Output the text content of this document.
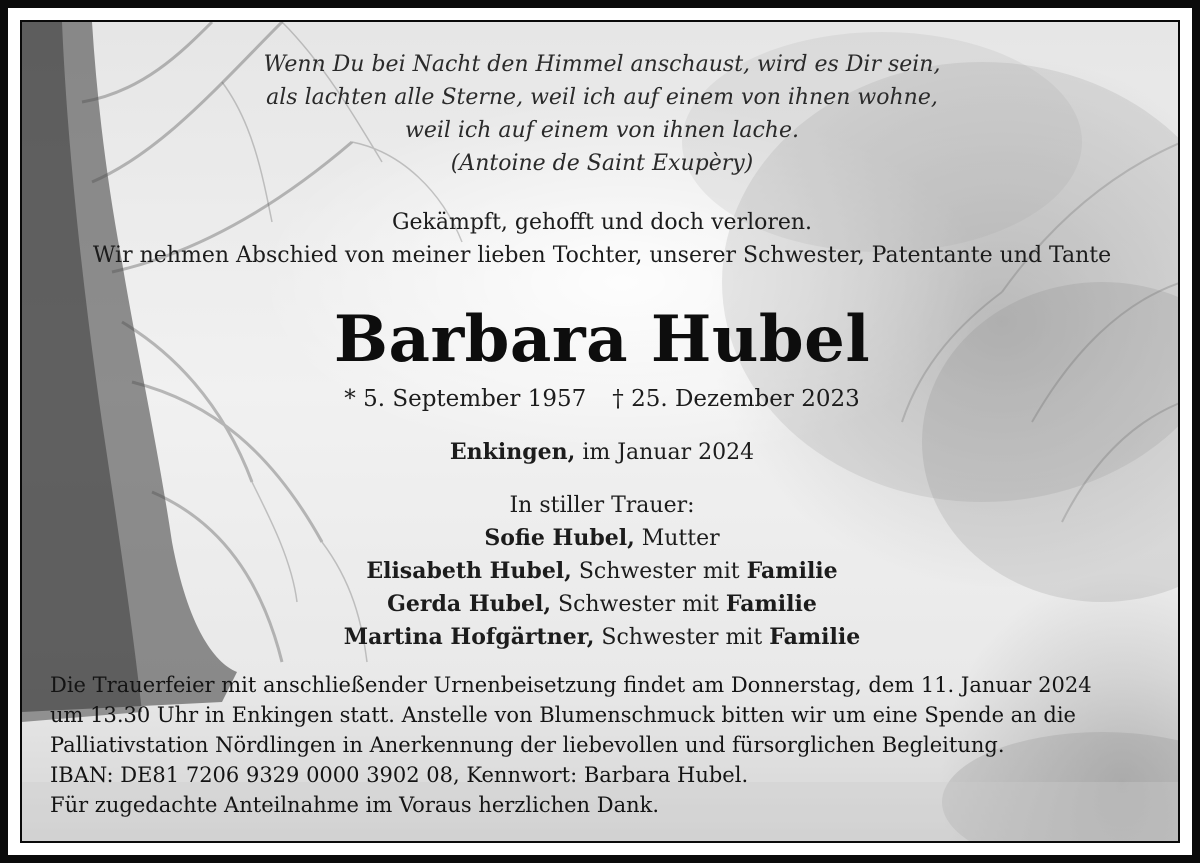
Wenn Du bei Nacht den Himmel anschaust, wird es Dir sein,
als lachten alle Sterne, weil ich auf einem von ihnen wohne,
weil ich auf einem von ihnen lache.
(Antoine de Saint Exupèry)
Gekämpft, gehofft und doch verloren.
Wir nehmen Abschied von meiner lieben Tochter, unserer Schwester, Patentante und Tante
Barbara Hubel
* 5. September 1957 † 25. Dezember 2023
Enkingen, im Januar 2024
In stiller Trauer:
Sofie Hubel, Mutter
Elisabeth Hubel, Schwester mit Familie
Gerda Hubel, Schwester mit Familie
Martina Hofgärtner, Schwester mit Familie
Die Trauerfeier mit anschließender Urnenbeisetzung findet am Donnerstag, dem 11. Januar 2024
um 13.30 Uhr in Enkingen statt. Anstelle von Blumenschmuck bitten wir um eine Spende an die
Palliativstation Nördlingen in Anerkennung der liebevollen und fürsorglichen Begleitung.
IBAN: DE81 7206 9329 0000 3902 08, Kennwort: Barbara Hubel.
Für zugedachte Anteilnahme im Voraus herzlichen Dank.
